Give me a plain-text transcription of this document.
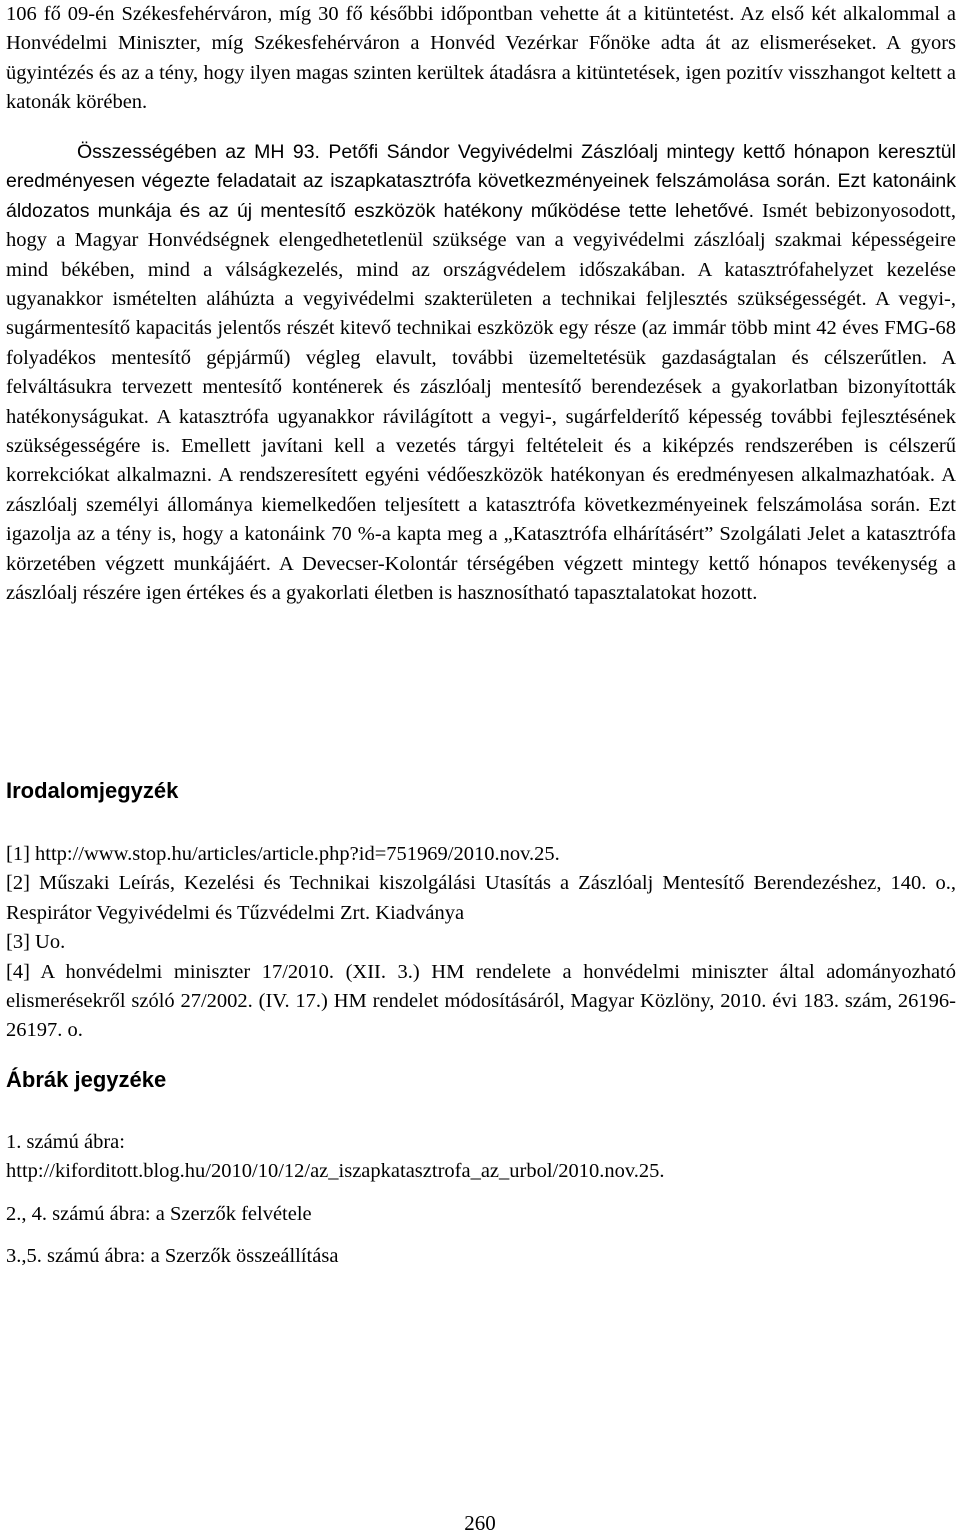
106 fő 09-én Székesfehérváron, míg 30 fő későbbi időpontban vehette át a kitüntetést. Az első két alkalommal a Honvédelmi Miniszter, míg Székesfehérváron a Honvéd Vezérkar Főnöke adta át az elismeréseket. A gyors ügyintézés és az a tény, hogy ilyen magas szinten kerültek átadásra a kitüntetések, igen pozitív visszhangot keltett a katonák körében.

Összességében az MH 93. Petőfi Sándor Vegyivédelmi Zászlóalj mintegy kettő hónapon keresztül eredményesen végezte feladatait az iszapkatasztrófa következményeinek felszámolása során. Ezt katonáink áldozatos munkája és az új mentesítő eszközök hatékony működése tette lehetővé. Ismét bebizonyosodott, hogy a Magyar Honvédségnek elengedhetetlenül szüksége van a vegyivédelmi zászlóalj szakmai képességeire mind békében, mind a válságkezelés, mind az országvédelem időszakában. A katasztrófahelyzet kezelése ugyanakkor ismételten aláhúzta a vegyivédelmi szakterületen a technikai feljlesztés szükségességét. A vegyi-, sugármentesítő kapacitás jelentős részét kitevő technikai eszközök egy része (az immár több mint 42 éves FMG-68 folyadékos mentesítő gépjármű) végleg elavult, további üzemeltetésük gazdaságtalan és célszerűtlen. A felváltásukra tervezett mentesítő konténerek és zászlóalj mentesítő berendezések a gyakorlatban bizonyították hatékonyságukat. A katasztrófa ugyanakkor rávilágított a vegyi-, sugárfelderítő képesség további fejlesztésének szükségességére is. Emellett javítani kell a vezetés tárgyi feltételeit és a kiképzés rendszerében is célszerű korrekciókat alkalmazni. A rendszeresített egyéni védőeszközök hatékonyan és eredményesen alkalmazhatóak. A zászlóalj személyi állománya kiemelkedően teljesített a katasztrófa következményeinek felszámolása során. Ezt igazolja az a tény is, hogy a katonáink 70 %-a kapta meg a „Katasztrófa elhárításért” Szolgálati Jelet a katasztrófa körzetében végzett munkájáért. A Devecser-Kolontár térségében végzett mintegy kettő hónapos tevékenység a zászlóalj részére igen értékes és a gyakorlati életben is hasznosítható tapasztalatokat hozott.

Irodalomjegyzék

[1] http://www.stop.hu/articles/article.php?id=751969/2010.nov.25.

[2] Műszaki Leírás, Kezelési és Technikai kiszolgálási Utasítás a Zászlóalj Mentesítő Berendezéshez, 140. o., Respirátor Vegyivédelmi és Tűzvédelmi Zrt. Kiadványa

[3] Uo.

[4] A honvédelmi miniszter 17/2010. (XII. 3.) HM rendelete a honvédelmi miniszter által adományozható elismerésekről szóló 27/2002. (IV. 17.) HM rendelet módosításáról, Magyar Közlöny, 2010. évi 183. szám, 26196-26197. o.

Ábrák jegyzéke

1. számú ábra:

http://kiforditott.blog.hu/2010/10/12/az_iszapkatasztrofa_az_urbol/2010.nov.25.

2., 4. számú ábra: a Szerzők felvétele

3.,5. számú ábra: a Szerzők összeállítása

260
